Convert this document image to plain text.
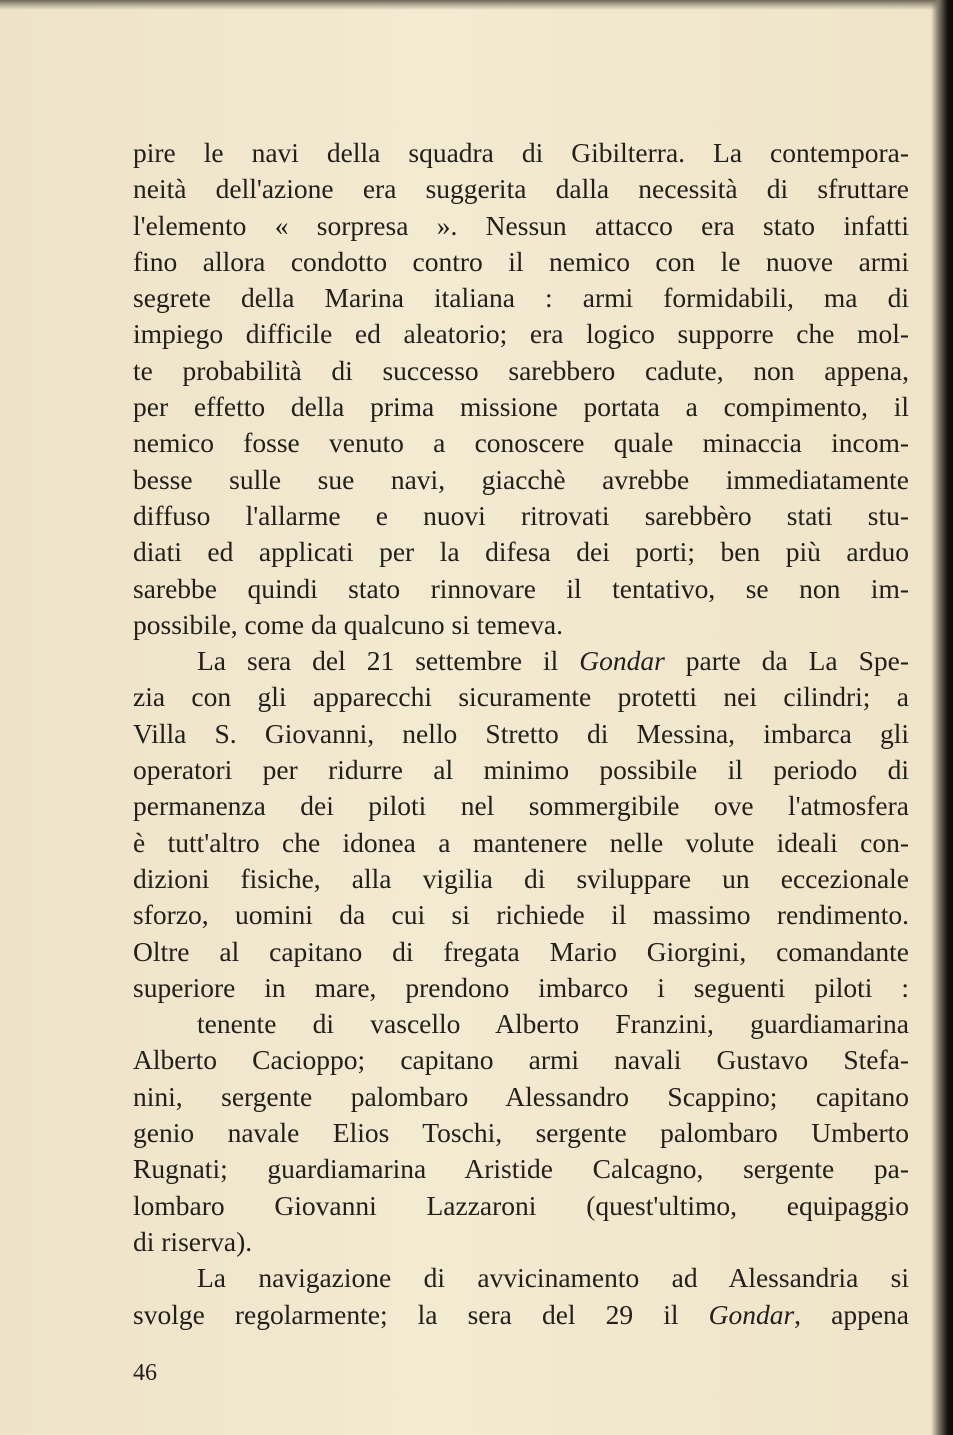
pire le navi della squadra di Gibilterra. La contempora-
neità dell'azione era suggerita dalla necessità di sfruttare
l'elemento « sorpresa ». Nessun attacco era stato infatti
fino allora condotto contro il nemico con le nuove armi
segrete della Marina italiana : armi formidabili, ma di
impiego difficile ed aleatorio; era logico supporre che mol-
te probabilità di successo sarebbero cadute, non appena,
per effetto della prima missione portata a compimento, il
nemico fosse venuto a conoscere quale minaccia incom-
besse sulle sue navi, giacchè avrebbe immediatamente
diffuso l'allarme e nuovi ritrovati sarebbèro stati stu-
diati ed applicati per la difesa dei porti; ben più arduo
sarebbe quindi stato rinnovare il tentativo, se non im-
possibile, come da qualcuno si temeva.
La sera del 21 settembre il Gondar parte da La Spe-
zia con gli apparecchi sicuramente protetti nei cilindri; a
Villa S. Giovanni, nello Stretto di Messina, imbarca gli
operatori per ridurre al minimo possibile il periodo di
permanenza dei piloti nel sommergibile ove l'atmosfera
è tutt'altro che idonea a mantenere nelle volute ideali con-
dizioni fisiche, alla vigilia di sviluppare un eccezionale
sforzo, uomini da cui si richiede il massimo rendimento.
Oltre al capitano di fregata Mario Giorgini, comandante
superiore in mare, prendono imbarco i seguenti piloti :
tenente di vascello Alberto Franzini, guardiamarina
Alberto Cacioppo; capitano armi navali Gustavo Stefa-
nini, sergente palombaro Alessandro Scappino; capitano
genio navale Elios Toschi, sergente palombaro Umberto
Rugnati; guardiamarina Aristide Calcagno, sergente pa-
lombaro Giovanni Lazzaroni (quest'ultimo, equipaggio
di riserva).
La navigazione di avvicinamento ad Alessandria si
svolge regolarmente; la sera del 29 il Gondar, appena
46
